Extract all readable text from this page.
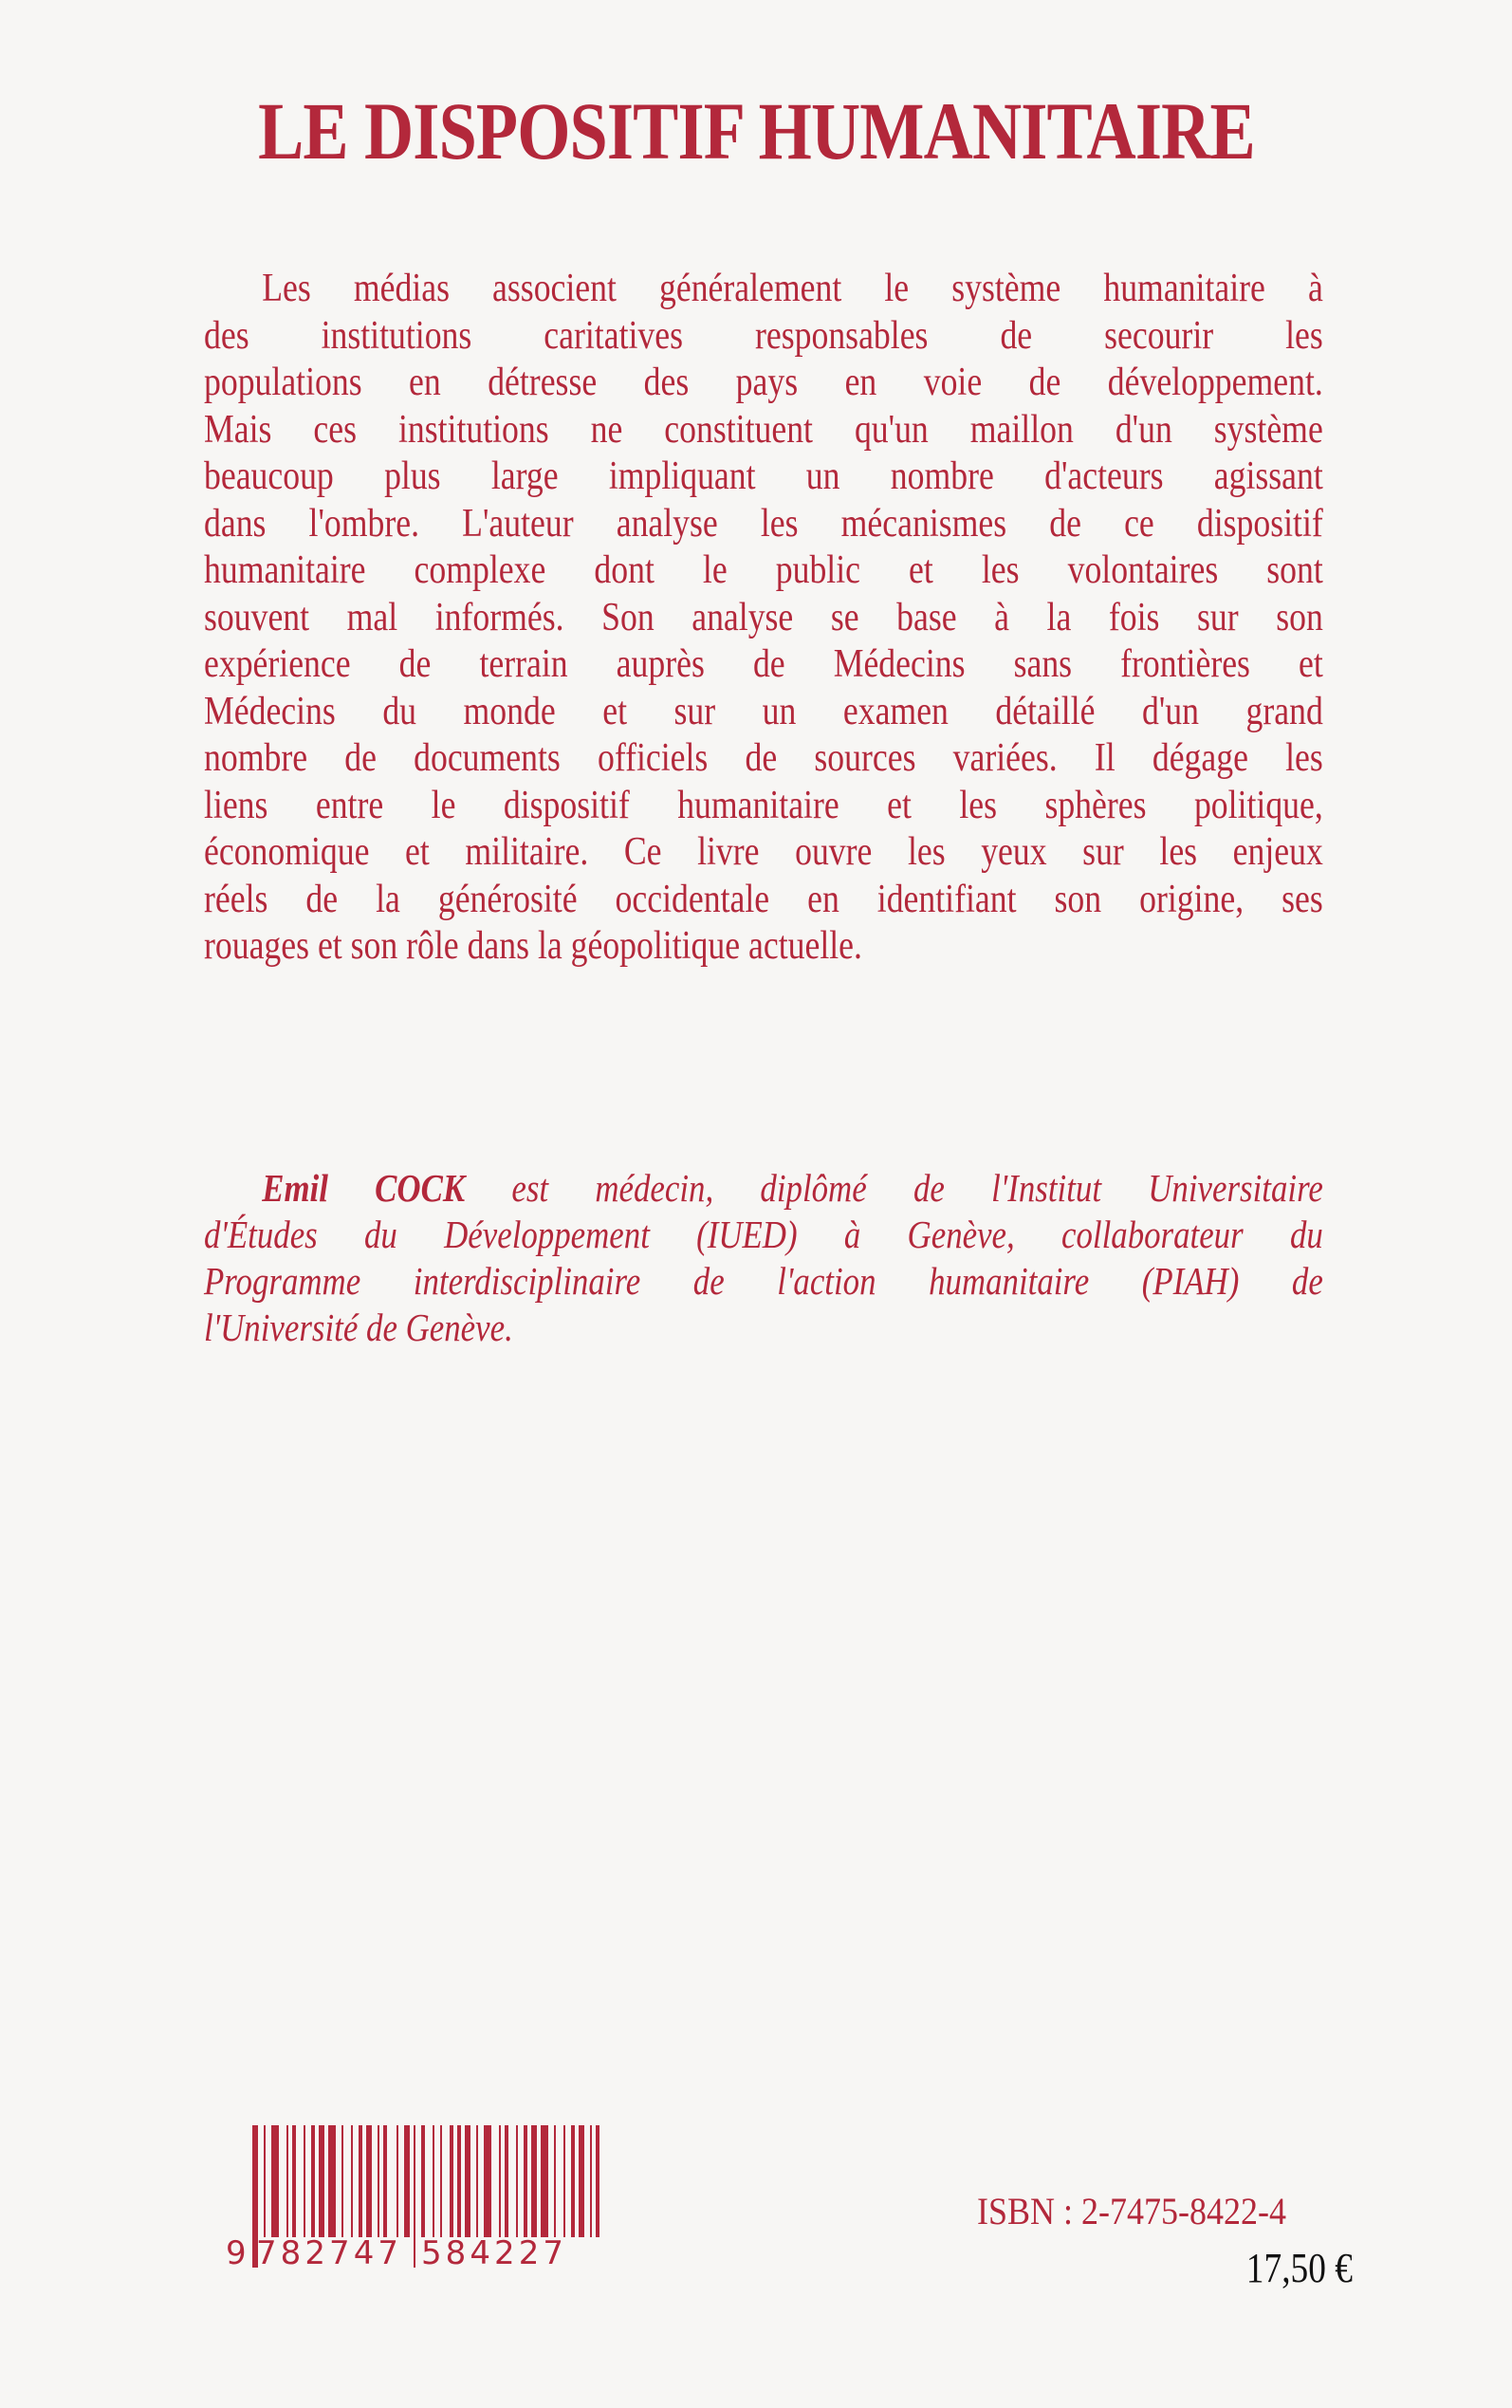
LE DISPOSITIF HUMANITAIRE
Les médias associent généralement le système humanitaire à
des institutions caritatives responsables de secourir les
populations en détresse des pays en voie de développement.
Mais ces institutions ne constituent qu'un maillon d'un système
beaucoup plus large impliquant un nombre d'acteurs agissant
dans l'ombre. L'auteur analyse les mécanismes de ce dispositif
humanitaire complexe dont le public et les volontaires sont
souvent mal informés. Son analyse se base à la fois sur son
expérience de terrain auprès de Médecins sans frontières et
Médecins du monde et sur un examen détaillé d'un grand
nombre de documents officiels de sources variées. Il dégage les
liens entre le dispositif humanitaire et les sphères politique,
économique et militaire. Ce livre ouvre les yeux sur les enjeux
réels de la générosité occidentale en identifiant son origine, ses
rouages et son rôle dans la géopolitique actuelle.
Emil COCK est médecin, diplômé de l'Institut Universitaire
d'Études du Développement (IUED) à Genève, collaborateur du
Programme interdisciplinaire de l'action humanitaire (PIAH) de
l'Université de Genève.
9 782747 584227
ISBN : 2-7475-8422-4
17,50 €
